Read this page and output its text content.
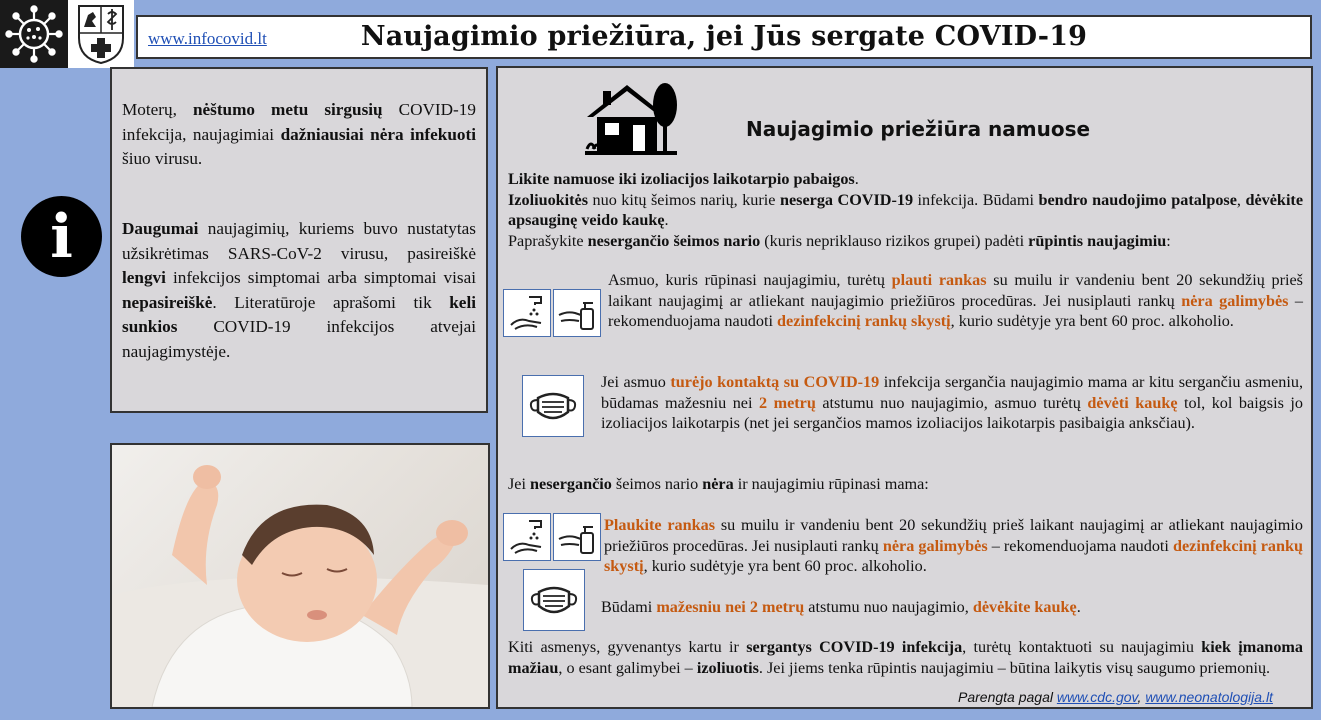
www.infocovid.lt	Naujagimio priežiūra, jei Jūs sergate COVID-19
i

Moterų, nėštumo metu sirgusių COVID-19 infekcija, naujagimiai dažniausiai nėra infekuoti šiuo virusu.

Daugumai naujagimių, kuriems buvo nustatytas užsikrėtimas SARS-CoV-2 virusu, pasireiškė lengvi infekcijos simptomai arba simptomai visai nepasireiškė. Literatūroje aprašomi tik keli sunkios COVID-19 infekcijos atvejai naujagimystėje.

Naujagimio priežiūra namuose
Likite namuose iki izoliacijos laikotarpio pabaigos.
Izoliuokitės nuo kitų šeimos narių, kurie neserga COVID-19 infekcija. Būdami bendro naudojimo patalpose, dėvėkite apsauginę veido kaukę.
Paprašykite nesergančio šeimos nario (kuris nepriklauso rizikos grupei) padėti rūpintis naujagimiu:
Asmuo, kuris rūpinasi naujagimiu, turėtų plauti rankas su muilu ir vandeniu bent 20 sekundžių prieš laikant naujagimį ar atliekant naujagimio priežiūros procedūras. Jei nusiplauti rankų nėra galimybės – rekomenduojama naudoti dezinfekcinį rankų skystį, kurio sudėtyje yra bent 60 proc. alkoholio.
Jei asmuo turėjo kontaktą su COVID-19 infekcija sergančia naujagimio mama ar kitu sergančiu asmeniu, būdamas mažesniu nei 2 metrų atstumu nuo naujagimio, asmuo turėtų dėvėti kaukę tol, kol baigsis jo izoliacijos laikotarpis (net jei sergančios mamos izoliacijos laikotarpis pasibaigia anksčiau).
Jei nesergančio šeimos nario nėra ir naujagimiu rūpinasi mama:
Plaukite rankas su muilu ir vandeniu bent 20 sekundžių prieš laikant naujagimį ar atliekant naujagimio priežiūros procedūras. Jei nusiplauti rankų nėra galimybės – rekomenduojama naudoti dezinfekcinį rankų skystį, kurio sudėtyje yra bent 60 proc. alkoholio.
Būdami mažesniu nei 2 metrų atstumu nuo naujagimio, dėvėkite kaukę.
Kiti asmenys, gyvenantys kartu ir sergantys COVID-19 infekcija, turėtų kontaktuoti su naujagimiu kiek įmanoma mažiau, o esant galimybei – izoliuotis. Jei jiems tenka rūpintis naujagimiu – būtina laikytis visų saugumo priemonių.
Parengta pagal www.cdc.gov, www.neonatologija.lt
